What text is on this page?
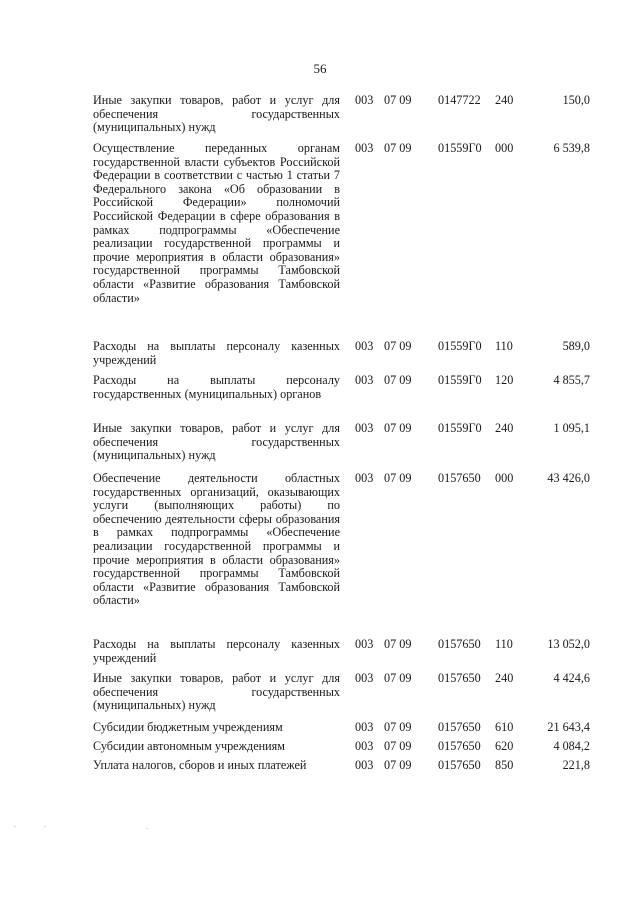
56
Иные закупки товаров, работ и услуг для обеспечения государственных (муниципальных) нужд
003 07 09 0147722 240	150,0
Осуществление переданных органам государственной власти субъектов Российской Федерации в соответствии с частью 1 статьи 7 Федерального закона «Об образовании в Российской Федерации» полномочий Российской Федерации в сфере образования в рамках подпрограммы «Обеспечение реализации государственной программы и прочие мероприятия в области образования» государственной программы Тамбовской области «Развитие образования Тамбовской области»
003 07 09 01559Г0 000	6 539,8
Расходы на выплаты персоналу казенных учреждений
003 07 09 01559Г0 110	589,0
Расходы на выплаты персоналу государственных (муниципальных) органов
003 07 09 01559Г0 120	4 855,7
Иные закупки товаров, работ и услуг для обеспечения государственных (муниципальных) нужд
003 07 09 01559Г0 240	1 095,1
Обеспечение деятельности областных государственных организаций, оказывающих услуги (выполняющих работы) по обеспечению деятельности сферы образования в рамках подпрограммы «Обеспечение реализации государственной программы и прочие мероприятия в области образования» государственной программы Тамбовской области «Развитие образования Тамбовской области»
003 07 09 0157650 000	43 426,0
Расходы на выплаты персоналу казенных учреждений
003 07 09 0157650 110	13 052,0
Иные закупки товаров, работ и услуг для обеспечения государственных (муниципальных) нужд
003 07 09 0157650 240	4 424,6
Субсидии бюджетным учреждениям	003 07 09 0157650 610	21 643,4
Субсидии автономным учреждениям	003 07 09 0157650 620	4 084,2
Уплата налогов, сборов и иных платежей	003 07 09 0157650 850	221,8
